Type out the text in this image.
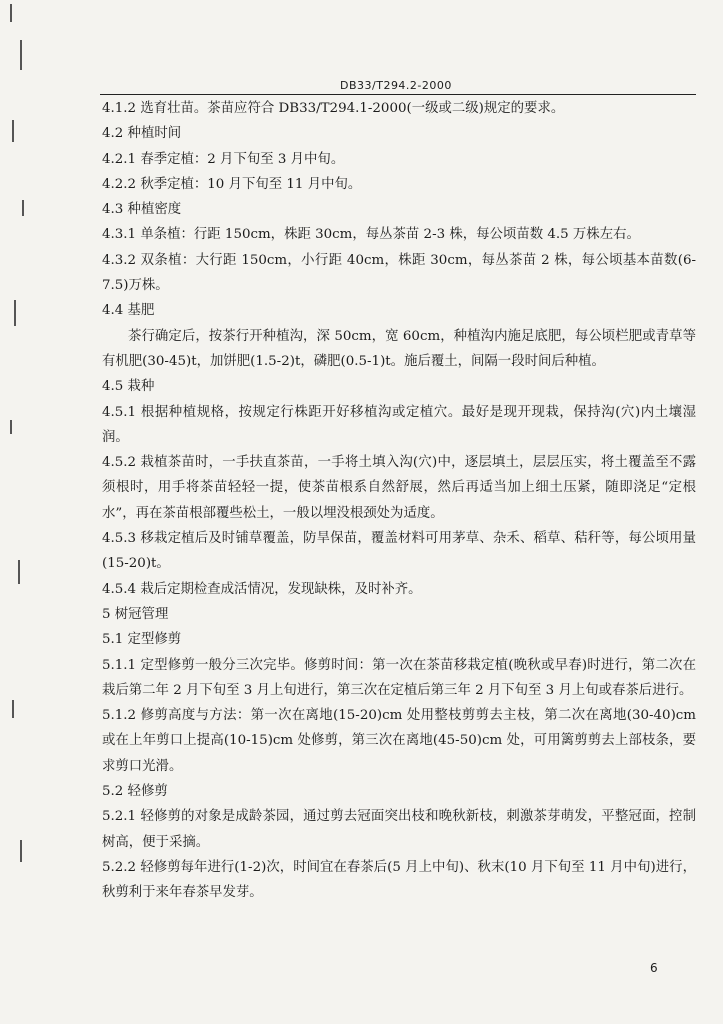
DB33/T294.2-2000

4.1.2 选育壮苗。茶苗应符合 DB33/T294.1-2000(一级或二级)规定的要求。

4.2 种植时间

4.2.1 春季定植：2 月下旬至 3 月中旬。

4.2.2 秋季定植：10 月下旬至 11 月中旬。

4.3 种植密度

4.3.1 单条植：行距 150cm，株距 30cm，每丛茶苗 2-3 株，每公顷苗数 4.5 万株左右。

4.3.2 双条植：大行距 150cm，小行距 40cm，株距 30cm，每丛茶苗 2 株，每公顷基本苗数(6-7.5)万株。

4.4 基肥

茶行确定后，按茶行开种植沟，深 50cm，宽 60cm，种植沟内施足底肥，每公顷栏肥或青草等有机肥(30-45)t，加饼肥(1.5-2)t，磷肥(0.5-1)t。施后覆土，间隔一段时间后种植。

4.5 栽种

4.5.1 根据种植规格，按规定行株距开好移植沟或定植穴。最好是现开现栽，保持沟(穴)内土壤湿润。

4.5.2 栽植茶苗时，一手扶直茶苗，一手将土填入沟(穴)中，逐层填土，层层压实，将土覆盖至不露须根时，用手将茶苗轻轻一提，使茶苗根系自然舒展，然后再适当加上细土压紧，随即浇足“定根水”，再在茶苗根部覆些松土，一般以埋没根颈处为适度。

4.5.3 移栽定植后及时铺草覆盖，防旱保苗，覆盖材料可用茅草、杂禾、稻草、秸秆等，每公顷用量(15-20)t。

4.5.4 栽后定期检查成活情况，发现缺株，及时补齐。

5 树冠管理

5.1 定型修剪

5.1.1 定型修剪一般分三次完毕。修剪时间：第一次在茶苗移栽定植(晚秋或早春)时进行，第二次在栽后第二年 2 月下旬至 3 月上旬进行，第三次在定植后第三年 2 月下旬至 3 月上旬或春茶后进行。

5.1.2 修剪高度与方法：第一次在离地(15-20)cm 处用整枝剪剪去主枝，第二次在离地(30-40)cm 或在上年剪口上提高(10-15)cm 处修剪，第三次在离地(45-50)cm 处，可用篱剪剪去上部枝条，要求剪口光滑。

5.2 轻修剪

5.2.1 轻修剪的对象是成龄茶园，通过剪去冠面突出枝和晚秋新枝，刺激茶芽萌发，平整冠面，控制树高，便于采摘。

5.2.2 轻修剪每年进行(1-2)次，时间宜在春茶后(5 月上中旬)、秋末(10 月下旬至 11 月中旬)进行，秋剪利于来年春茶早发芽。

6
